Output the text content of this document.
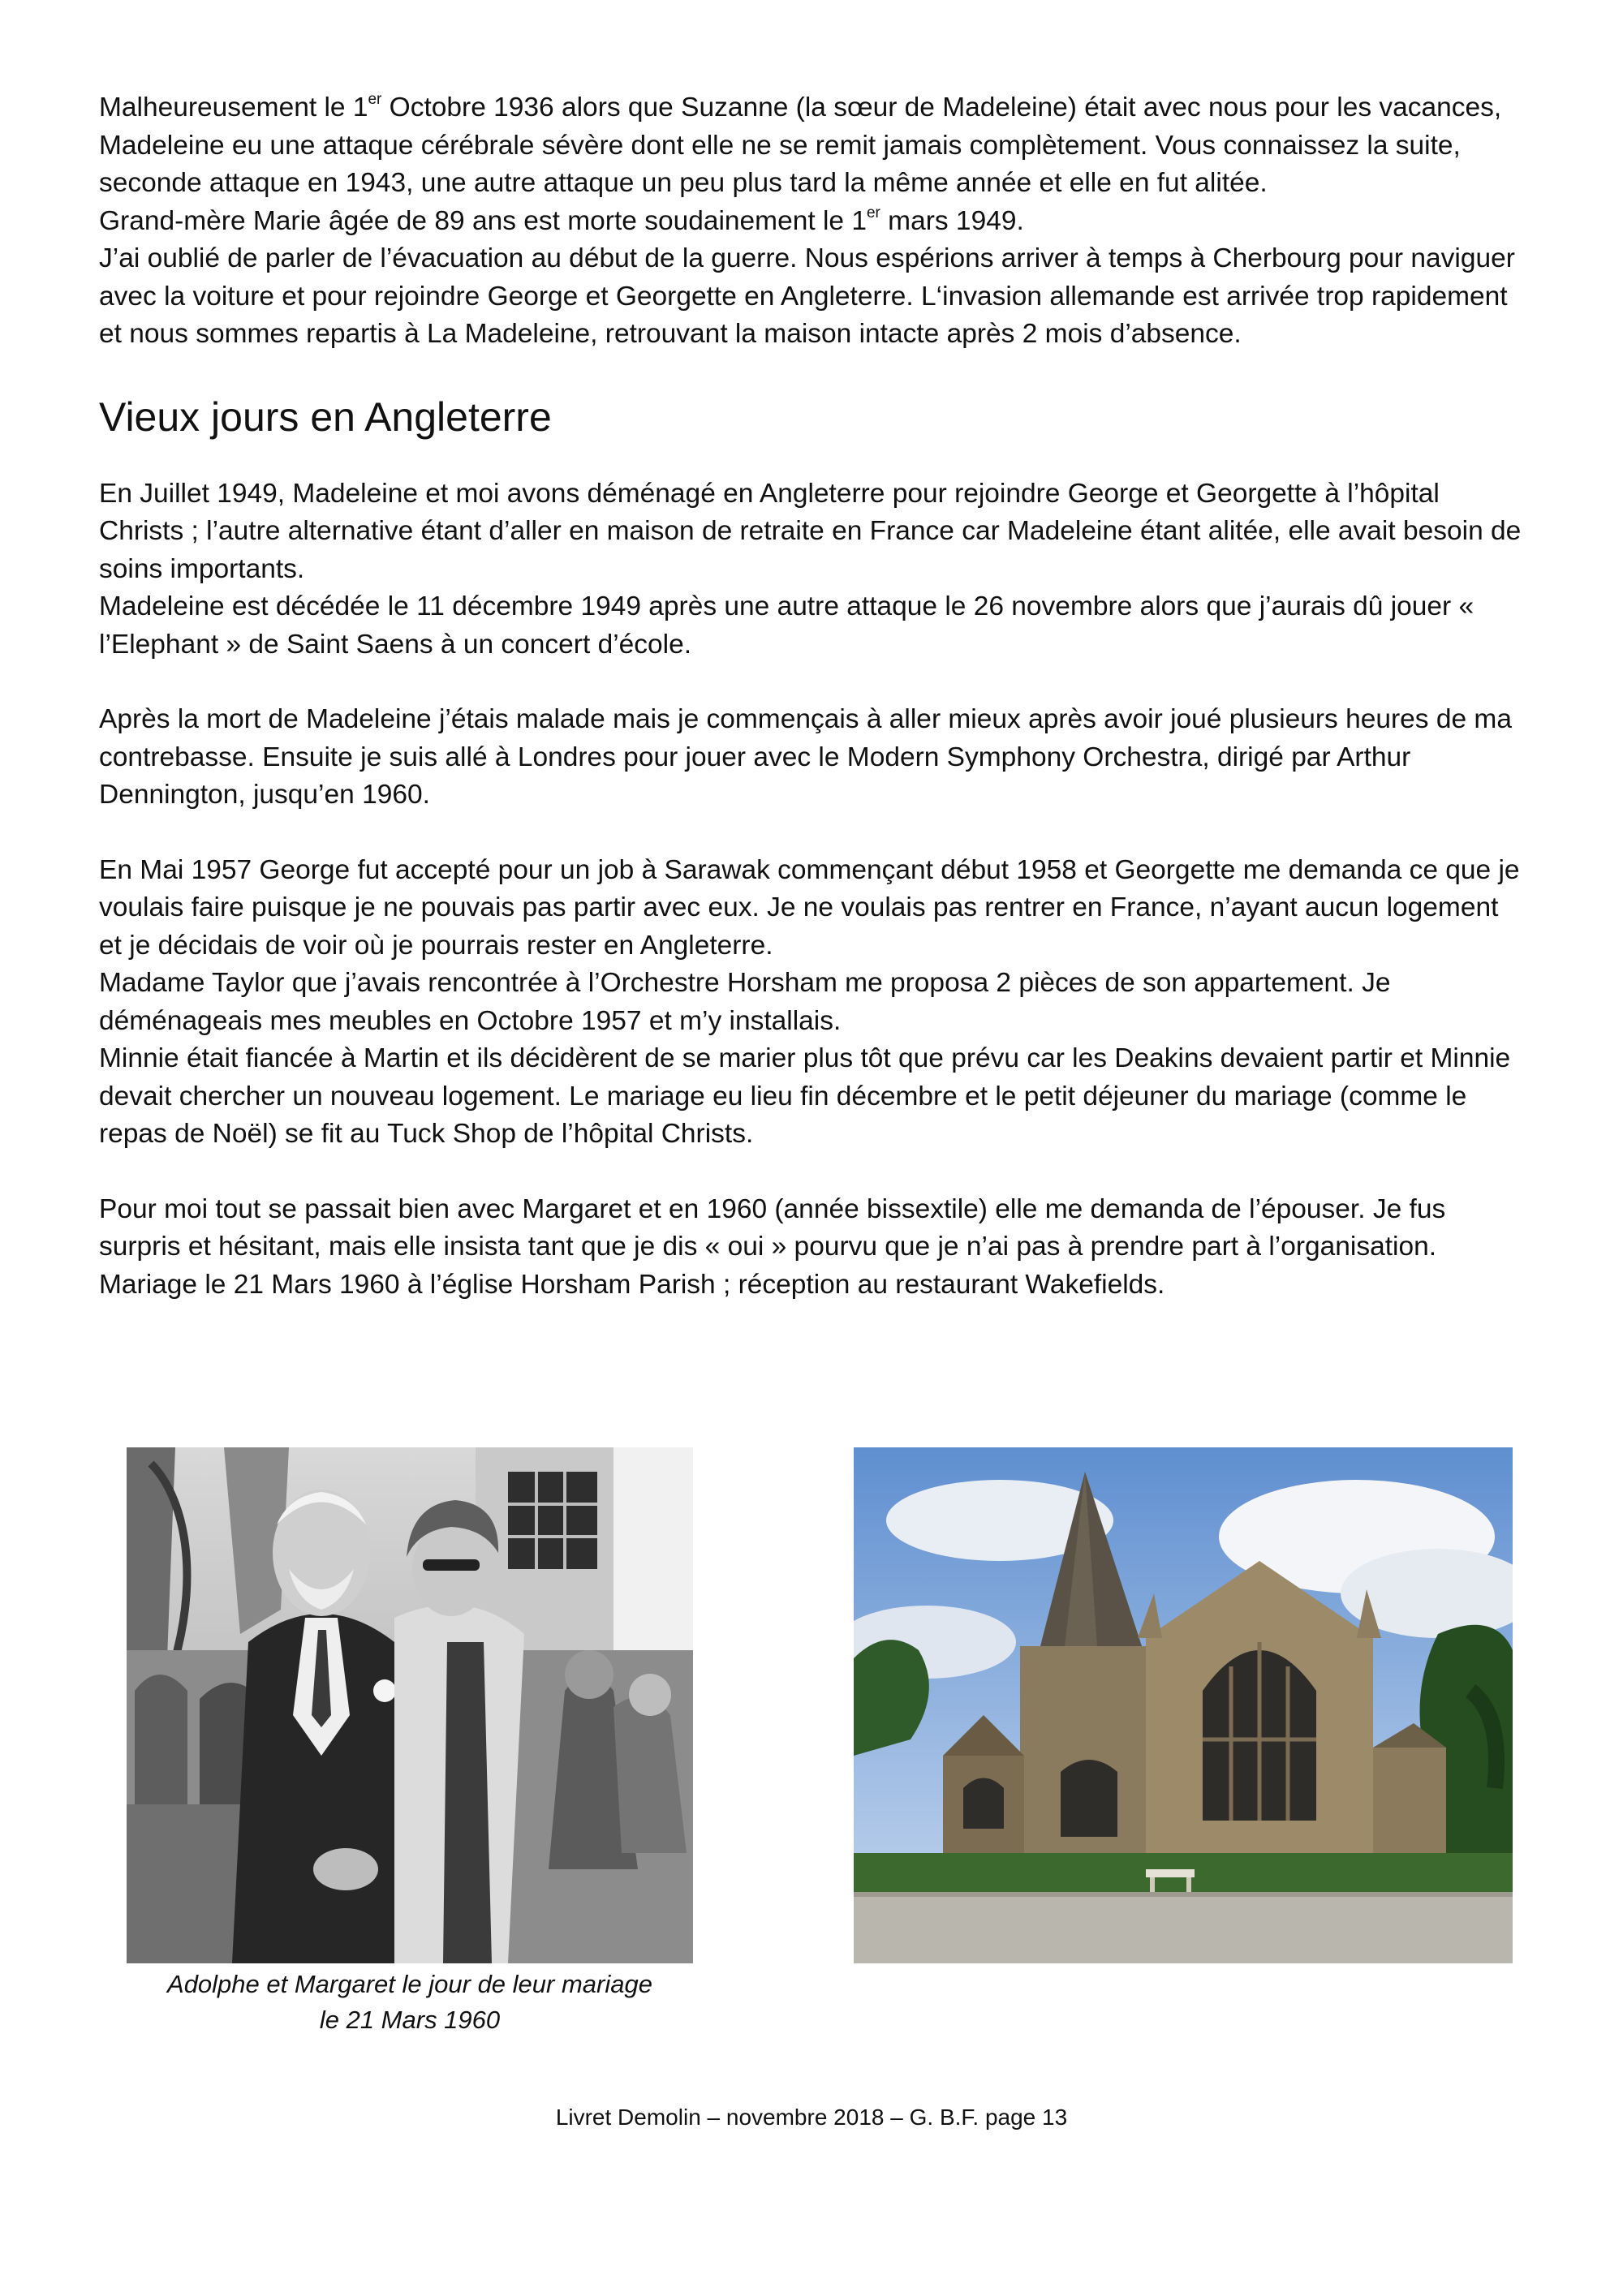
Malheureusement le 1er Octobre 1936 alors que Suzanne (la sœur de Madeleine) était avec nous pour les vacances, Madeleine eu une attaque cérébrale sévère dont elle ne se remit jamais complètement. Vous connaissez la suite, seconde attaque en 1943, une autre attaque un peu plus tard la même année et elle en fut alitée.

Grand-mère Marie âgée de 89 ans est morte soudainement le 1er mars 1949.

J’ai oublié de parler de l’évacuation au début de la guerre. Nous espérions arriver à temps à Cherbourg pour naviguer avec la voiture et pour rejoindre George et Georgette en Angleterre. L‘invasion allemande est arrivée trop rapidement et nous sommes repartis à La Madeleine, retrouvant la maison intacte après 2 mois d’absence.

Vieux jours en Angleterre

En Juillet 1949, Madeleine et moi avons déménagé en Angleterre pour rejoindre George et Georgette à l’hôpital Christs ; l’autre alternative étant d’aller en maison de retraite en France car Madeleine étant alitée, elle avait besoin de soins importants.

Madeleine est décédée le 11 décembre 1949 après une autre attaque le 26 novembre alors que j’aurais dû jouer « l’Elephant » de Saint Saens à un concert d’école.

Après la mort de Madeleine j’étais malade mais je commençais à aller mieux après avoir joué plusieurs heures de ma contrebasse. Ensuite je suis allé à Londres pour jouer avec le Modern Symphony Orchestra, dirigé par Arthur Dennington, jusqu’en 1960.

En Mai 1957 George fut accepté pour un job à Sarawak commençant début 1958 et Georgette me demanda ce que je voulais faire puisque je ne pouvais pas partir avec eux. Je ne voulais pas rentrer en France, n’ayant aucun logement et je décidais de voir où je pourrais rester en Angleterre.

Madame Taylor que j’avais rencontrée à l’Orchestre Horsham me proposa 2 pièces de son appartement. Je déménageais mes meubles en Octobre 1957 et m’y installais.

Minnie était fiancée à Martin et ils décidèrent de se marier plus tôt que prévu car les Deakins devaient partir et Minnie devait chercher un nouveau logement. Le mariage eu lieu fin décembre et le petit déjeuner du mariage (comme le repas de Noël) se fit au Tuck Shop de l’hôpital Christs.

Pour moi tout se passait bien avec Margaret et en 1960 (année bissextile) elle me demanda de l’épouser. Je fus surpris et hésitant, mais elle insista tant que je dis « oui » pourvu que je n’ai pas à prendre part à l’organisation. Mariage le 21 Mars 1960 à l’église Horsham Parish ; réception au restaurant Wakefields.

Adolphe et Margaret le jour de leur mariage
le 21 Mars 1960

Livret Demolin – novembre 2018 – G. B.F. page 13
